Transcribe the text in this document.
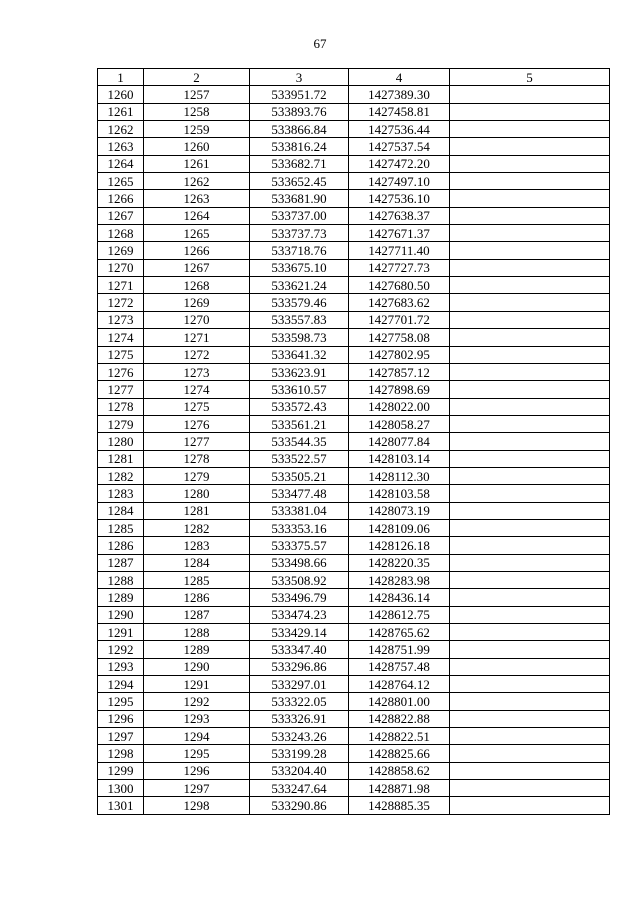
67
1	2	3	4	5
1260	1257	533951.72	1427389.30	
1261	1258	533893.76	1427458.81	
1262	1259	533866.84	1427536.44	
1263	1260	533816.24	1427537.54	
1264	1261	533682.71	1427472.20	
1265	1262	533652.45	1427497.10	
1266	1263	533681.90	1427536.10	
1267	1264	533737.00	1427638.37	
1268	1265	533737.73	1427671.37	
1269	1266	533718.76	1427711.40	
1270	1267	533675.10	1427727.73	
1271	1268	533621.24	1427680.50	
1272	1269	533579.46	1427683.62	
1273	1270	533557.83	1427701.72	
1274	1271	533598.73	1427758.08	
1275	1272	533641.32	1427802.95	
1276	1273	533623.91	1427857.12	
1277	1274	533610.57	1427898.69	
1278	1275	533572.43	1428022.00	
1279	1276	533561.21	1428058.27	
1280	1277	533544.35	1428077.84	
1281	1278	533522.57	1428103.14	
1282	1279	533505.21	1428112.30	
1283	1280	533477.48	1428103.58	
1284	1281	533381.04	1428073.19	
1285	1282	533353.16	1428109.06	
1286	1283	533375.57	1428126.18	
1287	1284	533498.66	1428220.35	
1288	1285	533508.92	1428283.98	
1289	1286	533496.79	1428436.14	
1290	1287	533474.23	1428612.75	
1291	1288	533429.14	1428765.62	
1292	1289	533347.40	1428751.99	
1293	1290	533296.86	1428757.48	
1294	1291	533297.01	1428764.12	
1295	1292	533322.05	1428801.00	
1296	1293	533326.91	1428822.88	
1297	1294	533243.26	1428822.51	
1298	1295	533199.28	1428825.66	
1299	1296	533204.40	1428858.62	
1300	1297	533247.64	1428871.98	
1301	1298	533290.86	1428885.35	
